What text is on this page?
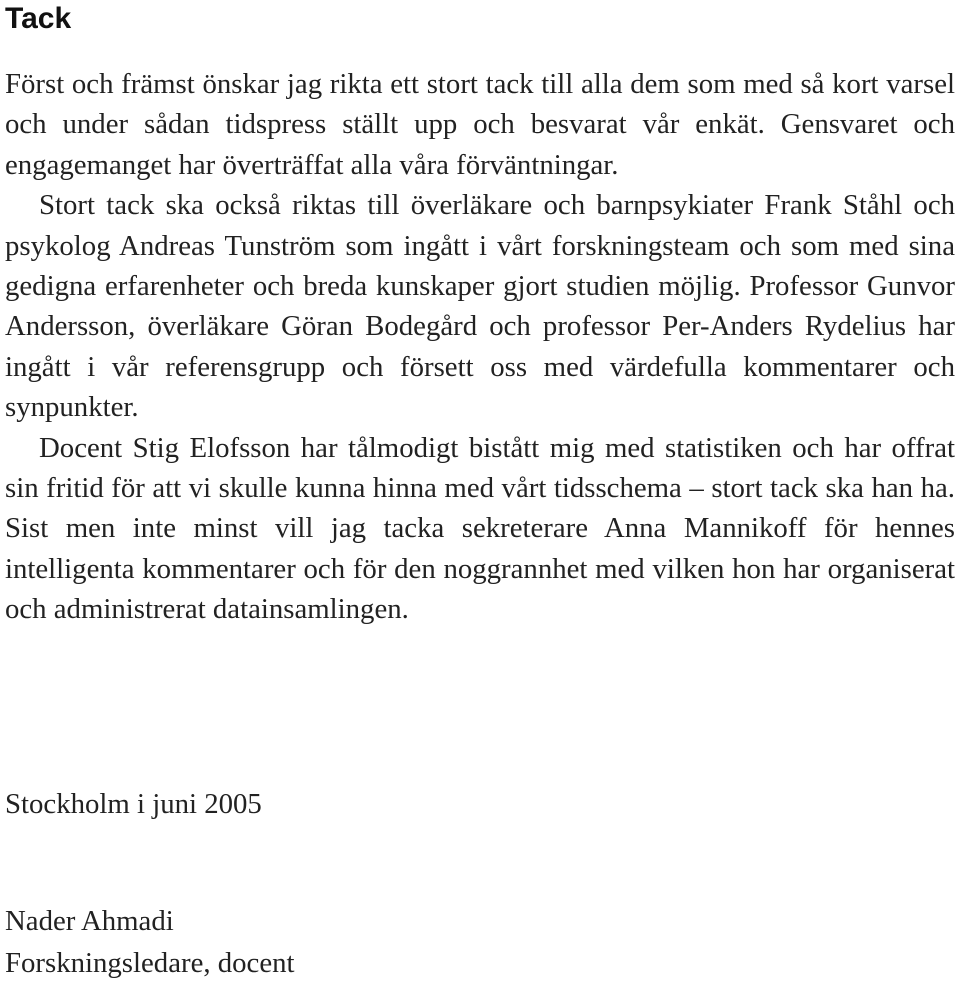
Tack

Först och främst önskar jag rikta ett stort tack till alla dem som med så kort varsel och under sådan tidspress ställt upp och besvarat vår enkät. Gensvaret och engagemanget har överträffat alla våra förväntningar.

Stort tack ska också riktas till överläkare och barnpsykiater Frank Ståhl och psykolog Andreas Tunström som ingått i vårt forskningsteam och som med sina gedigna erfarenheter och breda kunskaper gjort studien möjlig. Professor Gunvor Andersson, överläkare Göran Bodegård och professor Per-Anders Rydelius har ingått i vår referensgrupp och försett oss med värdefulla kommentarer och synpunkter.

Docent Stig Elofsson har tålmodigt bistått mig med statistiken och har offrat sin fritid för att vi skulle kunna hinna med vårt tidsschema – stort tack ska han ha. Sist men inte minst vill jag tacka sekreterare Anna Mannikoff för hennes intelligenta kommentarer och för den noggrannhet med vilken hon har organiserat och administrerat datainsamlingen.

Stockholm i juni 2005

Nader Ahmadi
Forskningsledare, docent
